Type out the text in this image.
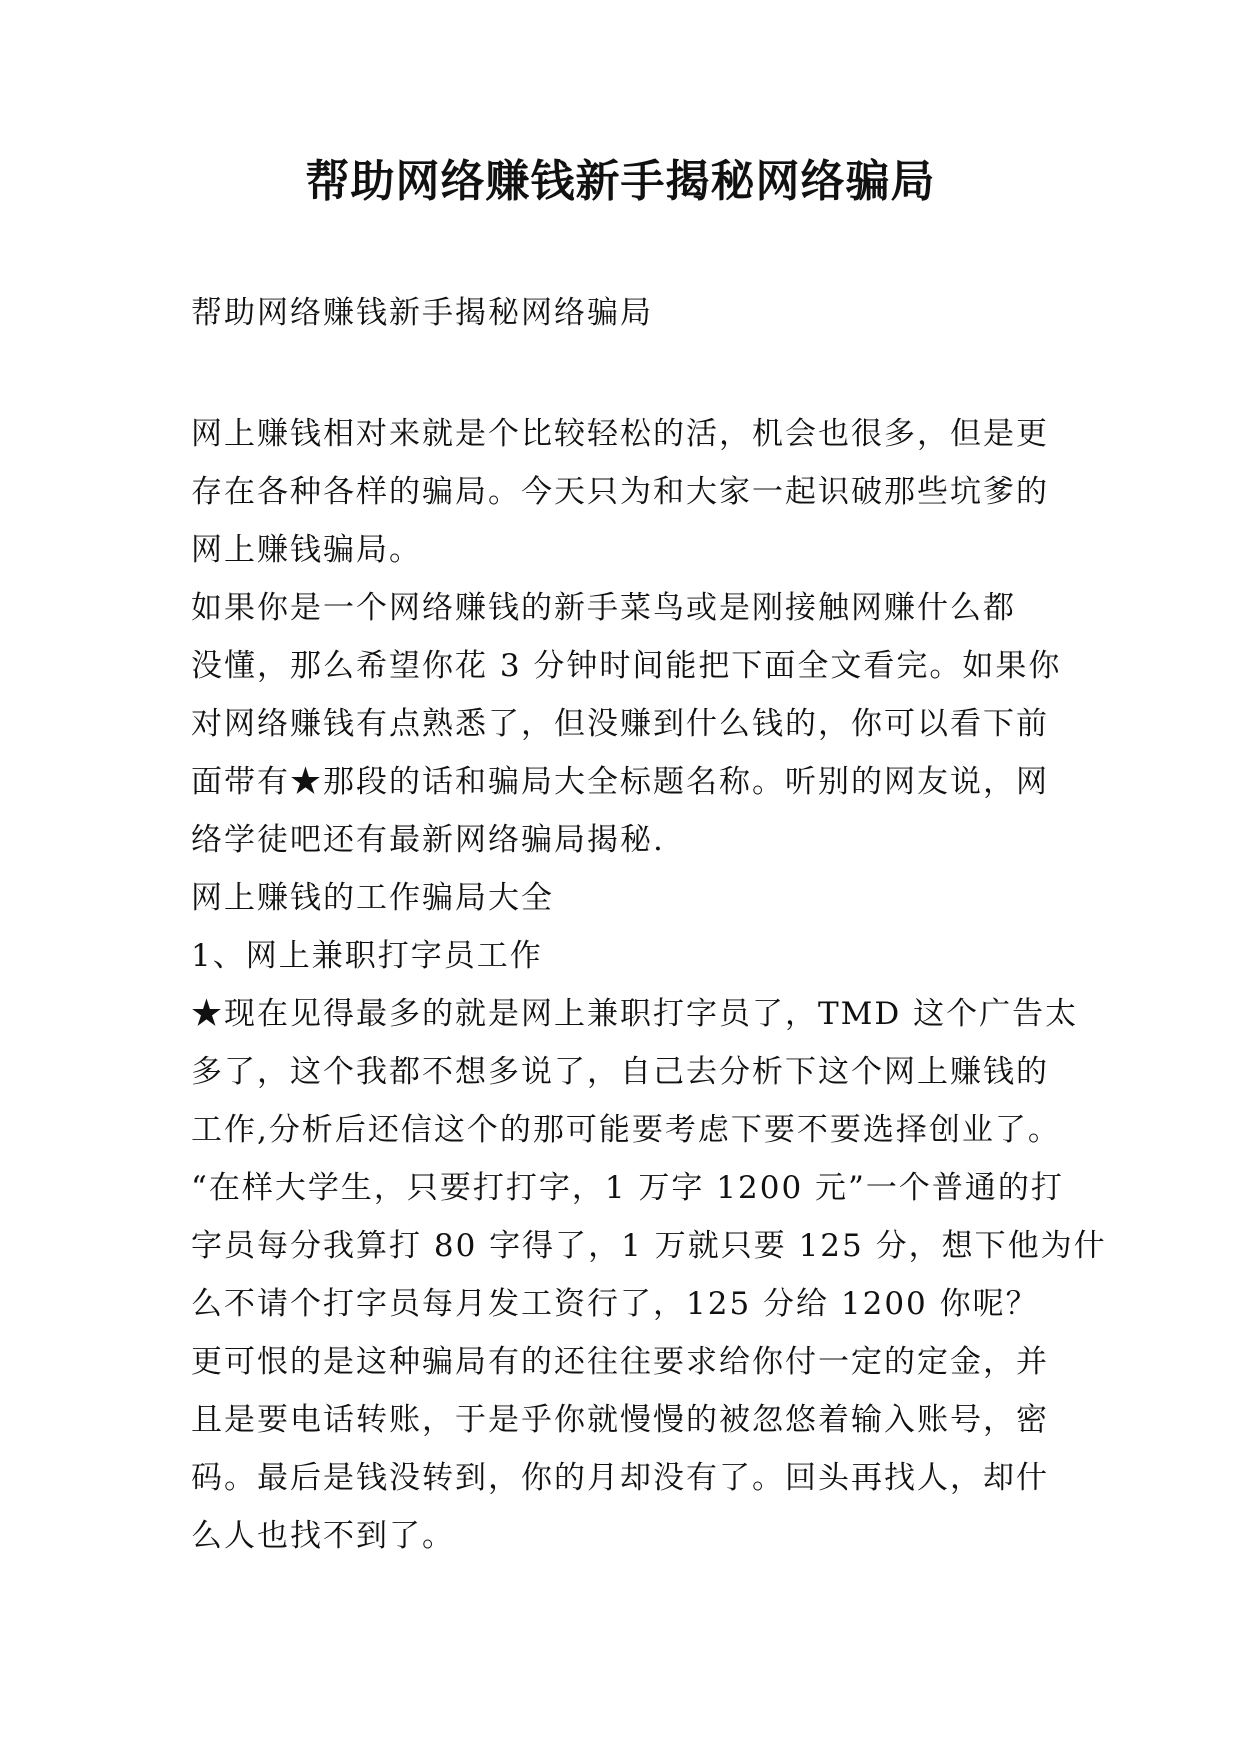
帮助网络赚钱新手揭秘网络骗局

帮助网络赚钱新手揭秘网络骗局

网上赚钱相对来就是个比较轻松的活，机会也很多，但是更
存在各种各样的骗局。今天只为和大家一起识破那些坑爹的
网上赚钱骗局。
如果你是一个网络赚钱的新手菜鸟或是刚接触网赚什么都
没懂，那么希望你花 3 分钟时间能把下面全文看完。如果你
对网络赚钱有点熟悉了，但没赚到什么钱的，你可以看下前
面带有★那段的话和骗局大全标题名称。听别的网友说，网
络学徒吧还有最新网络骗局揭秘.
网上赚钱的工作骗局大全
1、网上兼职打字员工作
★现在见得最多的就是网上兼职打字员了，TMD 这个广告太
多了，这个我都不想多说了，自己去分析下这个网上赚钱的
工作,分析后还信这个的那可能要考虑下要不要选择创业了。
“在样大学生，只要打打字，1 万字 1200 元”一个普通的打
字员每分我算打 80 字得了，1 万就只要 125 分，想下他为什
么不请个打字员每月发工资行了，125 分给 1200 你呢？
更可恨的是这种骗局有的还往往要求给你付一定的定金，并
且是要电话转账，于是乎你就慢慢的被忽悠着输入账号，密
码。最后是钱没转到，你的月却没有了。回头再找人，却什
么人也找不到了。
